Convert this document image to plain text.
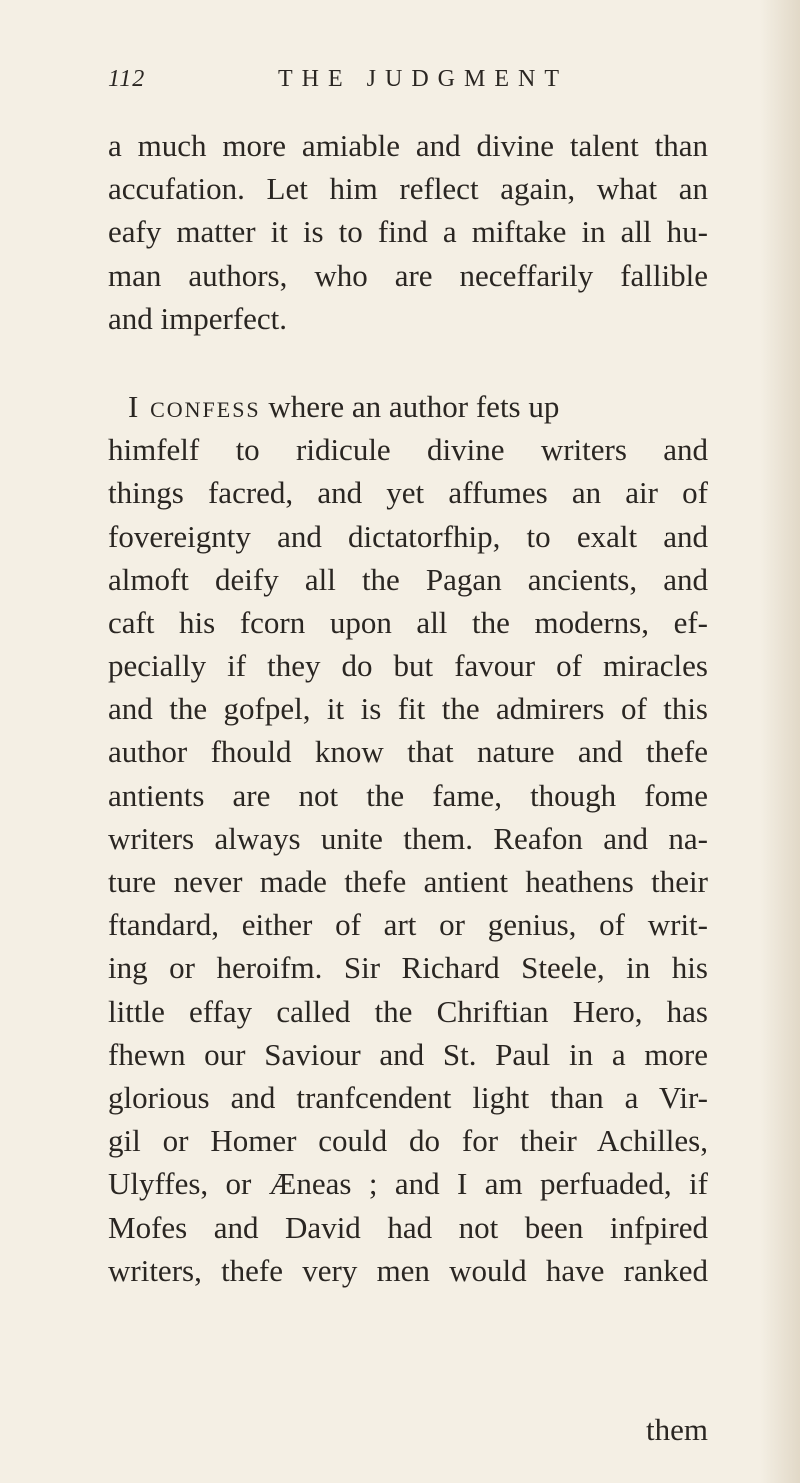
112	THE JUDGMENT
a much more amiable and divine talent than
accufation. Let him reflect again, what an
eafy matter it is to find a miftake in all hu-
man authors, who are neceffarily fallible
and imperfect.
I confess where an author fets up
himfelf to ridicule divine writers and
things facred, and yet affumes an air of
fovereignty and dictatorfhip, to exalt and
almoft deify all the Pagan ancients, and
caft his fcorn upon all the moderns, ef-
pecially if they do but favour of miracles
and the gofpel, it is fit the admirers of this
author fhould know that nature and thefe
antients are not the fame, though fome
writers always unite them. Reafon and na-
ture never made thefe antient heathens their
ftandard, either of art or genius, of writ-
ing or heroifm. Sir Richard Steele, in his
little effay called the Chriftian Hero, has
fhewn our Saviour and St. Paul in a more
glorious and tranfcendent light than a Vir-
gil or Homer could do for their Achilles,
Ulyffes, or Æneas ; and I am perfuaded, if
Mofes and David had not been infpired
writers, thefe very men would have ranked
them
